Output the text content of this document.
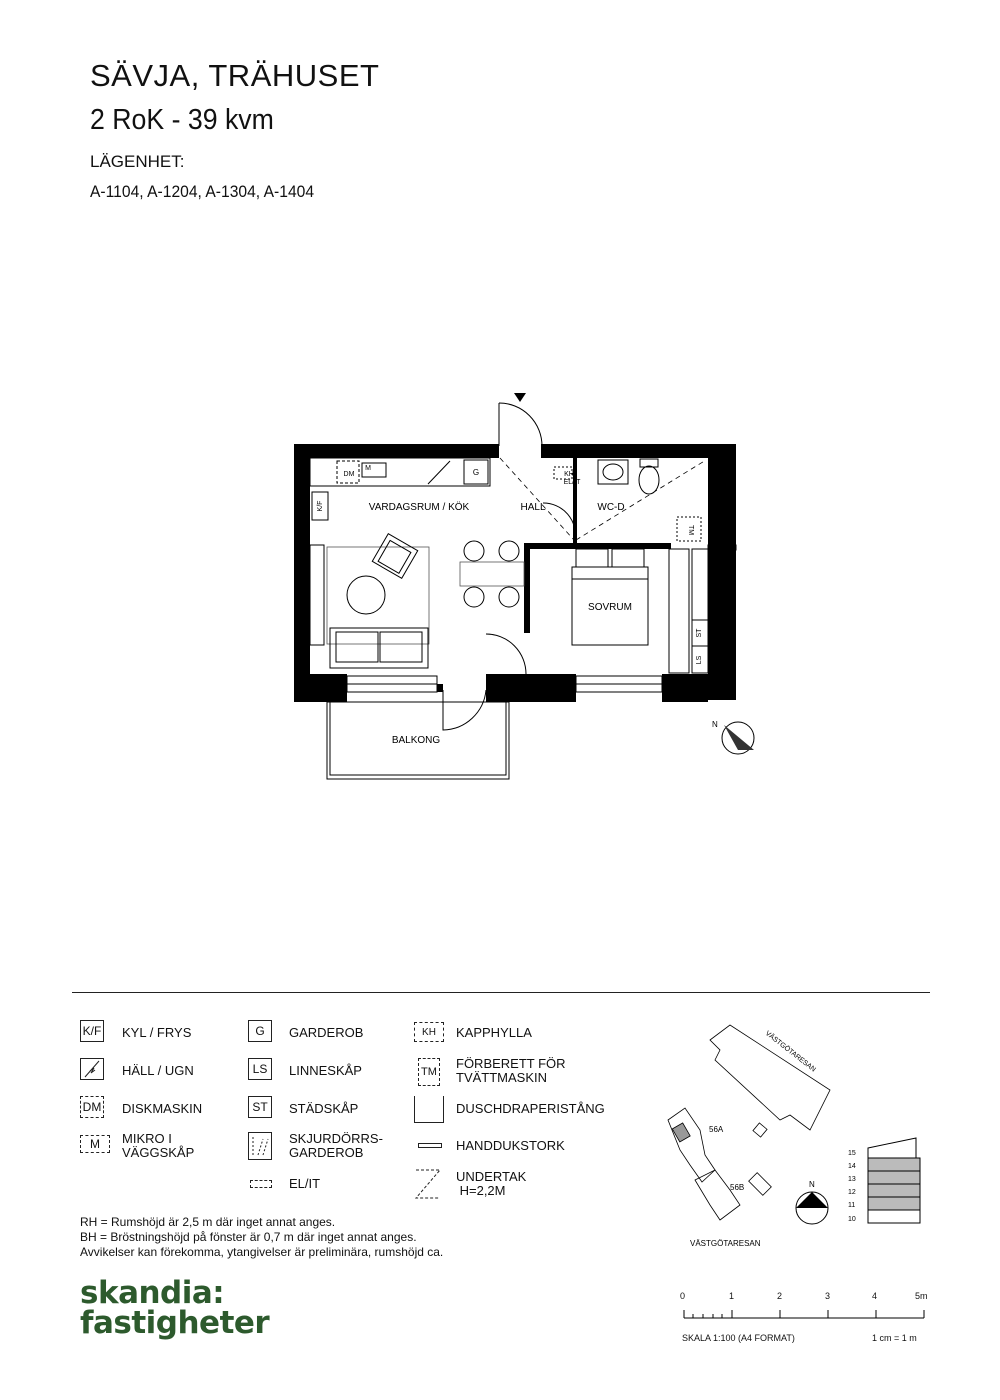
SÄVJA, TRÄHUSET
2 RoK - 39 kvm
LÄGENHET:
A-1104, A-1204, A-1304, A-1404
DM
M	G
K/F
KH
EL/IT
TM
ST
LS
VARDAGSRUM / KÖK	HALL	WC-D
SOVRUM
BALKONG
N
K/F KYL / FRYS
HÄLL / UGN
DM DISKMASKIN
M	MIKRO I
VÄGGSKÅP
G	GARDEROB
LS	LINNESKÅP
ST	STÄDSKÅP
SKJURDÖRRS-
GARDEROB
EL/IT
KH	KAPPHYLLA
TM
FÖRBERETT FÖR
TVÄTTMASKIN
DUSCHDRAPERISTÅNG
HANDDUKSTORK
UNDERTAK
H=2,2M
RH = Rumshöjd är 2,5 m där inget annat anges.
BH = Bröstningshöjd på fönster är 0,7 m där inget annat anges.
Avvikelser kan förekomma, ytangivelser är preliminära, rumshöjd ca.
skandia:
fastigheter
VÄSTGÖTARESAN
VÄSTGÖTARESAN
56A
56B	N
15
14
13
12
11
10
0	1	2	3	4	5m
SKALA 1:100 (A4 FORMAT)	1 cm = 1 m
